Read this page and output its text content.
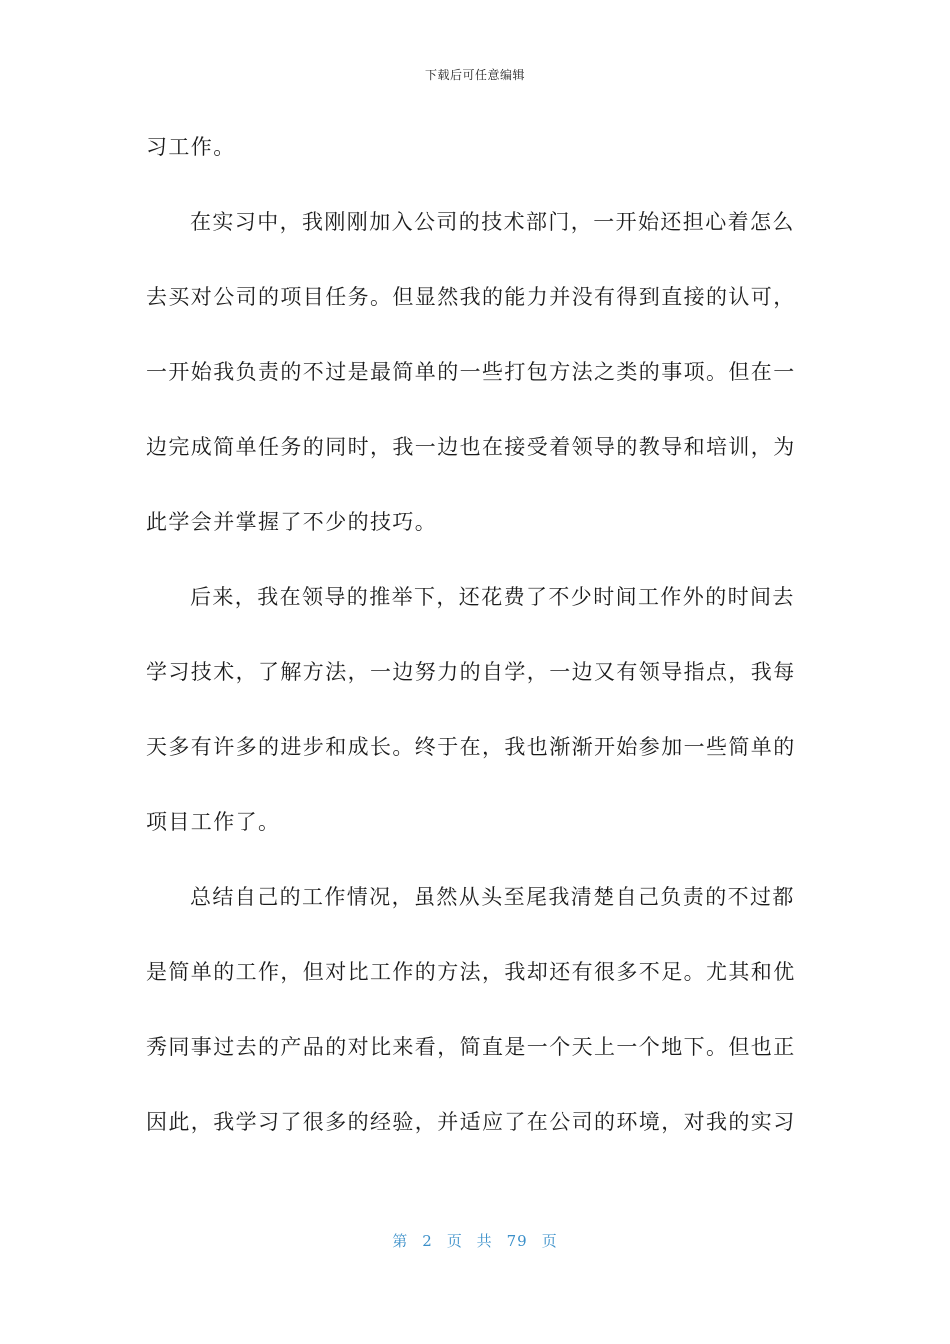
下载后可任意编辑
习工作。
在实习中，我刚刚加入公司的技术部门，一开始还担心着怎么
去买对公司的项目任务。但显然我的能力并没有得到直接的认可，
一开始我负责的不过是最简单的一些打包方法之类的事项。但在一
边完成简单任务的同时，我一边也在接受着领导的教导和培训，为
此学会并掌握了不少的技巧。
后来，我在领导的推举下，还花费了不少时间工作外的时间去
学习技术，了解方法，一边努力的自学，一边又有领导指点，我每
天多有许多的进步和成长。终于在，我也渐渐开始参加一些简单的
项目工作了。
总结自己的工作情况，虽然从头至尾我清楚自己负责的不过都
是简单的工作，但对比工作的方法，我却还有很多不足。尤其和优
秀同事过去的产品的对比来看，简直是一个天上一个地下。但也正
因此，我学习了很多的经验，并适应了在公司的环境，对我的实习
第 2 页 共 79 页
